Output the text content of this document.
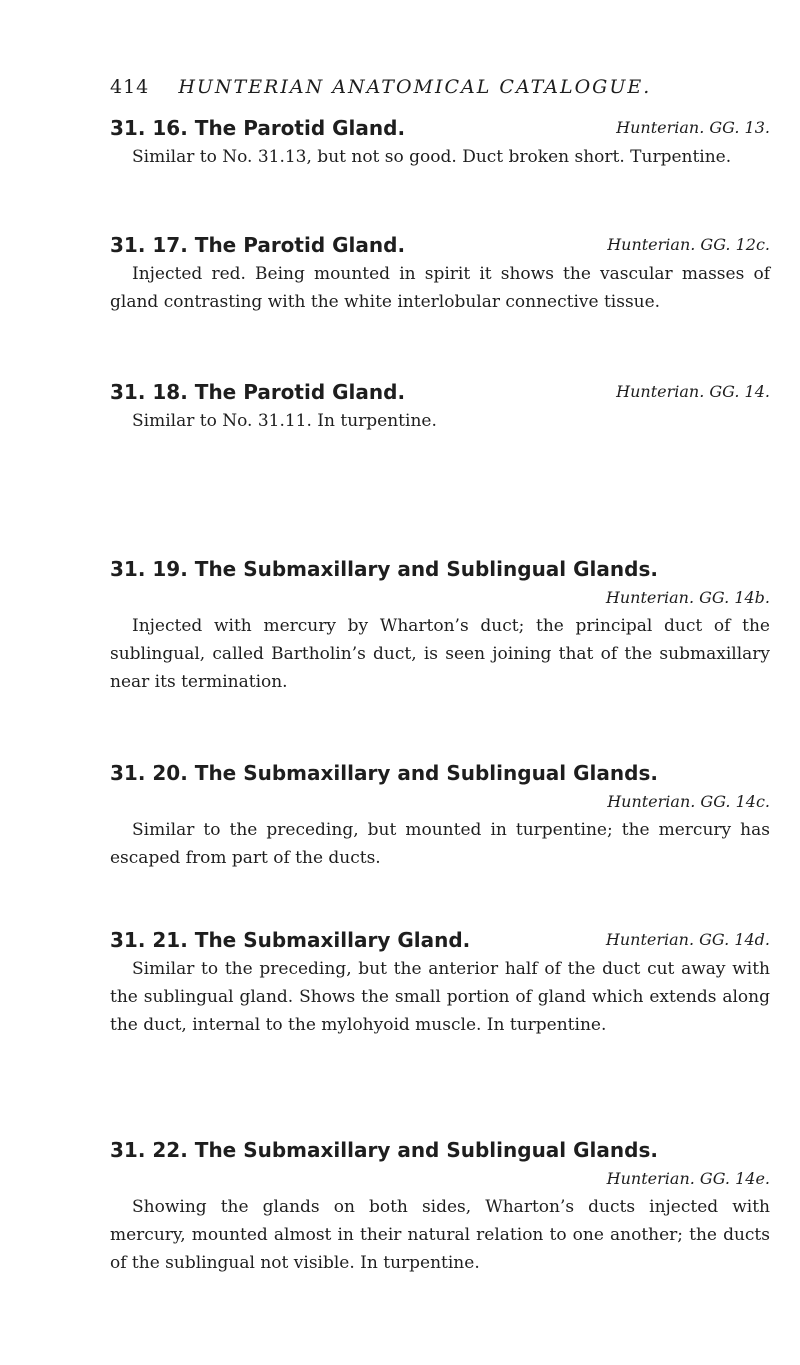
414 HUNTERIAN ANATOMICAL CATALOGUE.
31. 16. The Parotid Gland.	Hunterian. GG. 13.

Similar to No. 31.13, but not so good. Duct broken short. Turpentine.

31. 17. The Parotid Gland.	Hunterian. GG. 12c.

Injected red. Being mounted in spirit it shows the vascular masses of gland contrasting with the white interlobular connective tissue.

31. 18. The Parotid Gland.	Hunterian. GG. 14.

Similar to No. 31.11. In turpentine.

31. 19. The Submaxillary and Sublingual Glands.
Hunterian. GG. 14b.

Injected with mercury by Wharton’s duct; the principal duct of the sublingual, called Bartholin’s duct, is seen joining that of the submaxillary near its termination.

31. 20. The Submaxillary and Sublingual Glands.
Hunterian. GG. 14c.

Similar to the preceding, but mounted in turpentine; the mercury has escaped from part of the ducts.

31. 21. The Submaxillary Gland.	Hunterian. GG. 14d.

Similar to the preceding, but the anterior half of the duct cut away with the sublingual gland. Shows the small portion of gland which extends along the duct, internal to the mylohyoid muscle. In turpentine.

31. 22. The Submaxillary and Sublingual Glands.
Hunterian. GG. 14e.

Showing the glands on both sides, Wharton’s ducts injected with mercury, mounted almost in their natural relation to one another; the ducts of the sublingual not visible. In turpentine.
